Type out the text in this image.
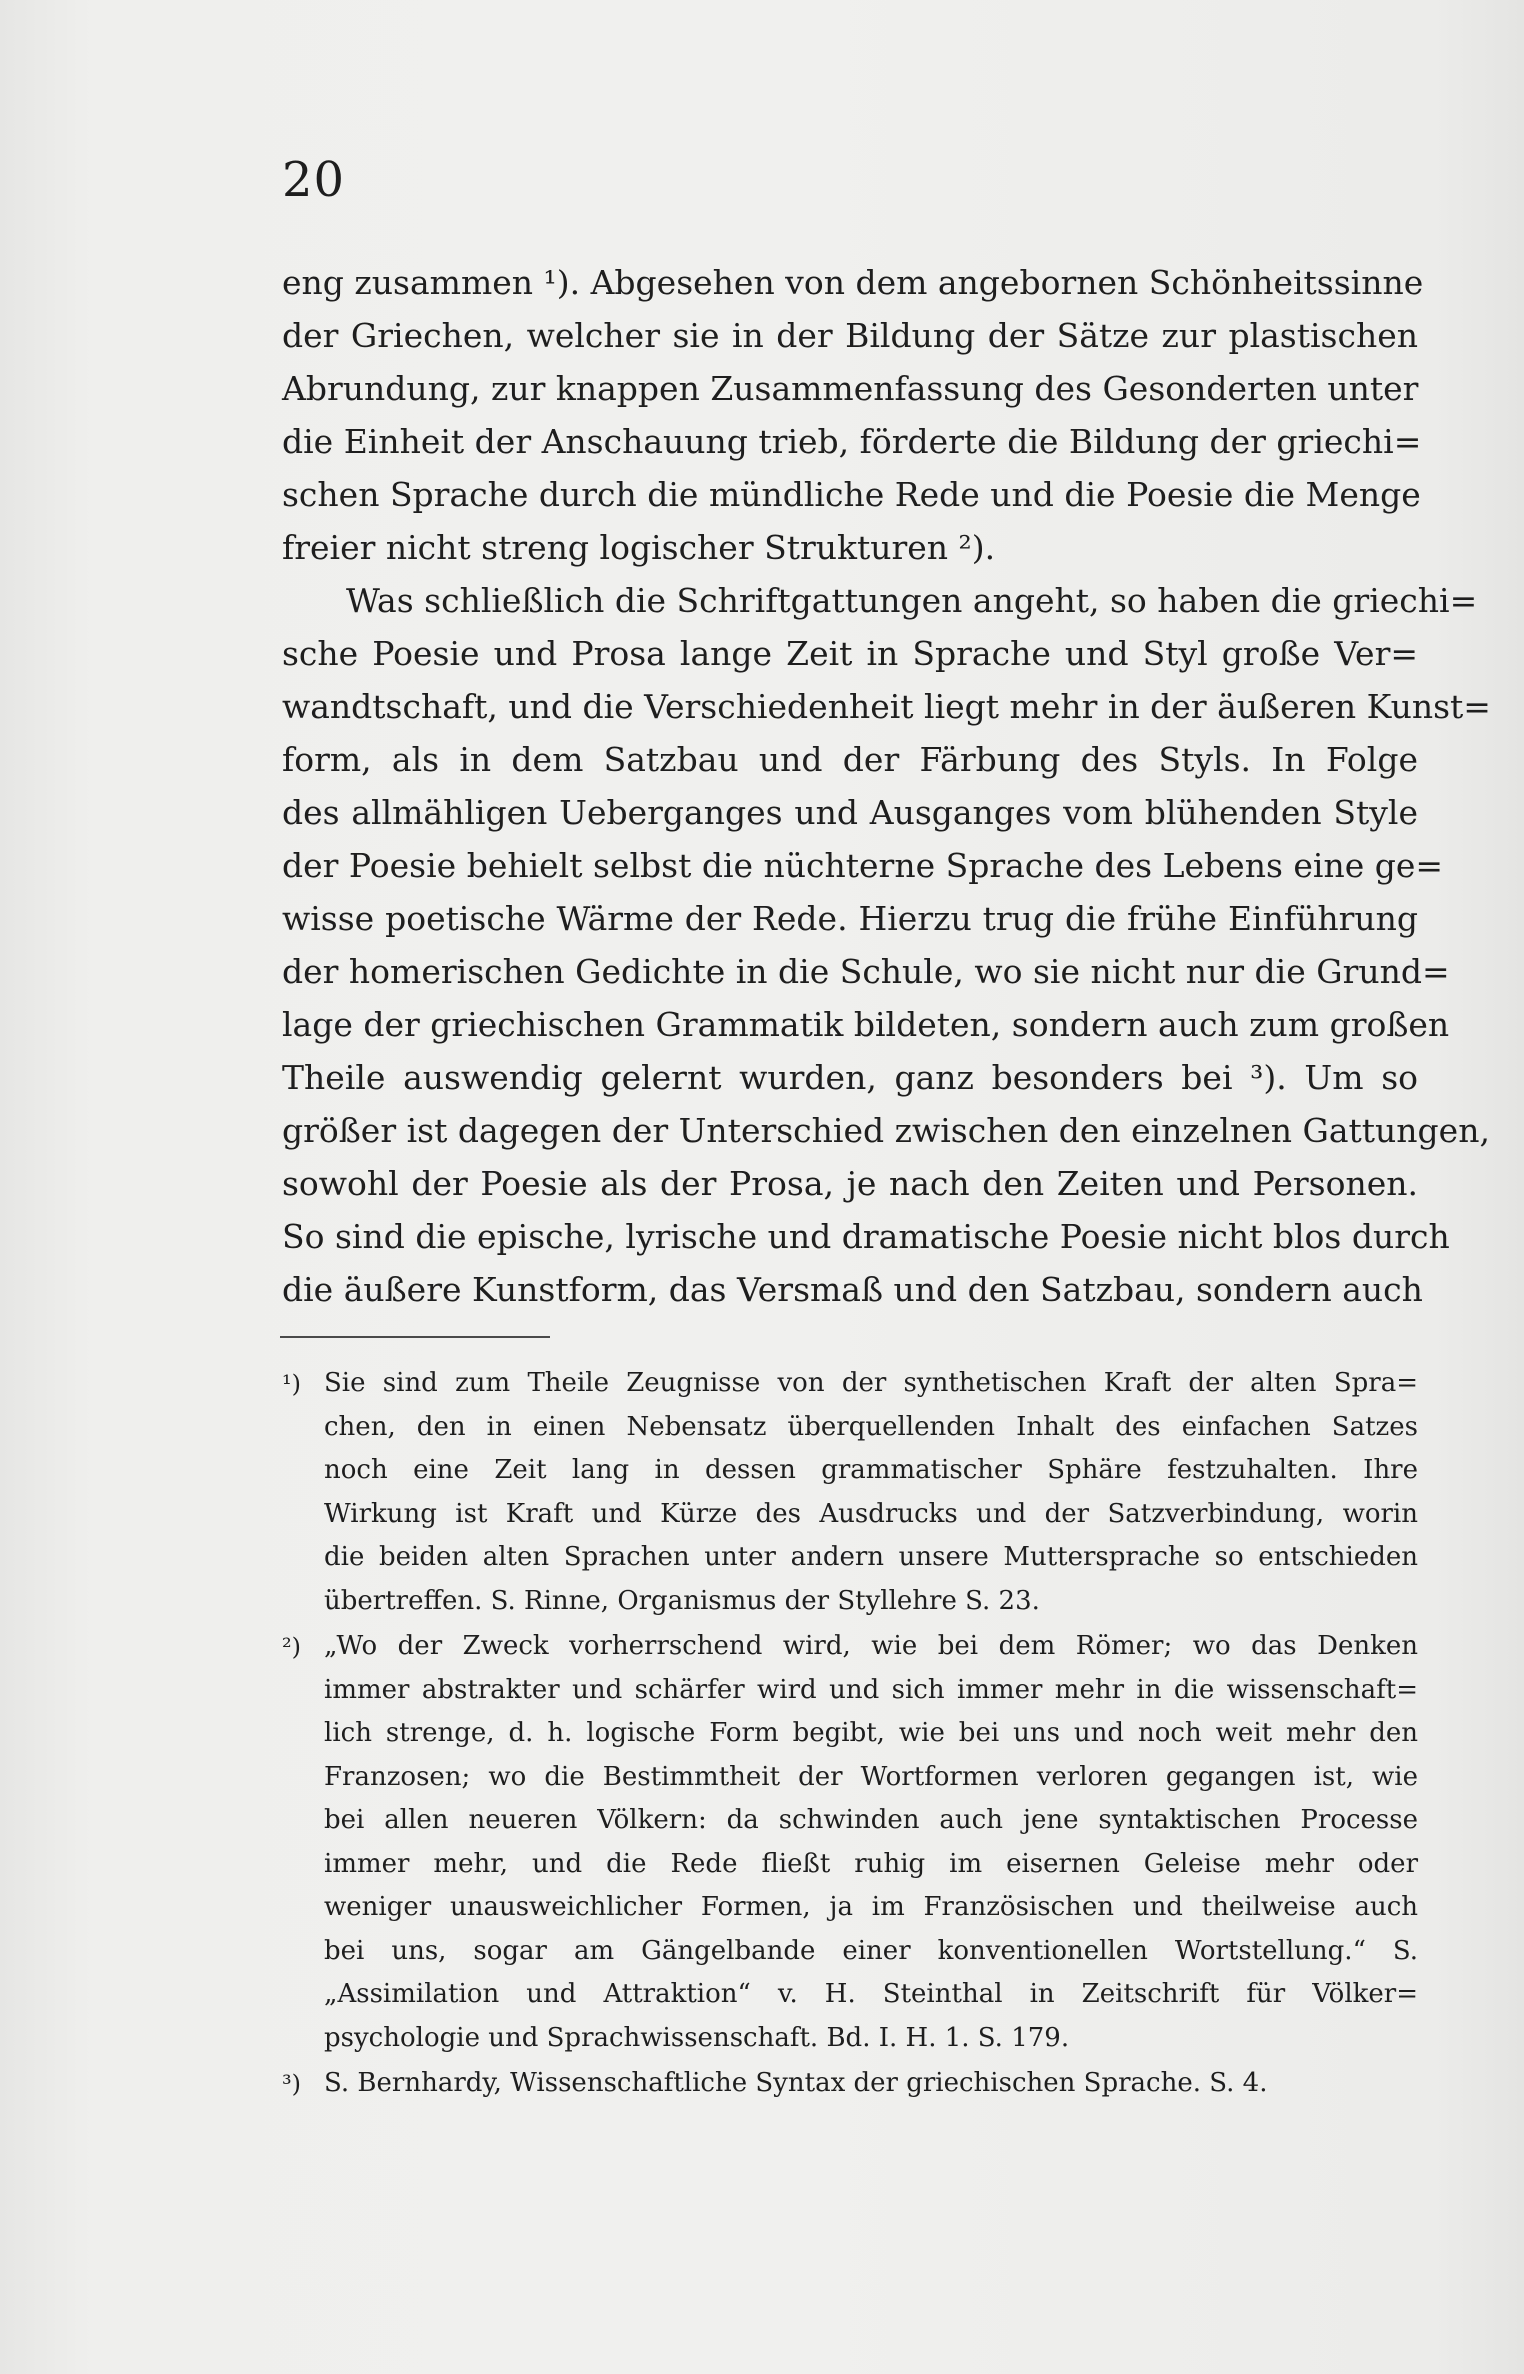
20
eng zusammen ¹). Abgesehen von dem angebornen Schönheitssinne
der Griechen, welcher sie in der Bildung der Sätze zur plastischen
Abrundung, zur knappen Zusammenfassung des Gesonderten unter
die Einheit der Anschauung trieb, förderte die Bildung der griechi=
schen Sprache durch die mündliche Rede und die Poesie die Menge
freier nicht streng logischer Strukturen ²).
Was schließlich die Schriftgattungen angeht, so haben die griechi=
sche Poesie und Prosa lange Zeit in Sprache und Styl große Ver=
wandtschaft, und die Verschiedenheit liegt mehr in der äußeren Kunst=
form, als in dem Satzbau und der Färbung des Styls. In Folge
des allmähligen Ueberganges und Ausganges vom blühenden Style
der Poesie behielt selbst die nüchterne Sprache des Lebens eine ge=
wisse poetische Wärme der Rede. Hierzu trug die frühe Einführung
der homerischen Gedichte in die Schule, wo sie nicht nur die Grund=
lage der griechischen Grammatik bildeten, sondern auch zum großen
Theile auswendig gelernt wurden, ganz besonders bei ³). Um so
größer ist dagegen der Unterschied zwischen den einzelnen Gattungen,
sowohl der Poesie als der Prosa, je nach den Zeiten und Personen.
So sind die epische, lyrische und dramatische Poesie nicht blos durch
die äußere Kunstform, das Versmaß und den Satzbau, sondern auch
¹) Sie sind zum Theile Zeugnisse von der synthetischen Kraft der alten Spra=
chen, den in einen Nebensatz überquellenden Inhalt des einfachen Satzes
noch eine Zeit lang in dessen grammatischer Sphäre festzuhalten. Ihre
Wirkung ist Kraft und Kürze des Ausdrucks und der Satzverbindung, worin
die beiden alten Sprachen unter andern unsere Muttersprache so entschieden
übertreffen. S. Rinne, Organismus der Styllehre S. 23.
²) „Wo der Zweck vorherrschend wird, wie bei dem Römer; wo das Denken
immer abstrakter und schärfer wird und sich immer mehr in die wissenschaft=
lich strenge, d. h. logische Form begibt, wie bei uns und noch weit mehr den
Franzosen; wo die Bestimmtheit der Wortformen verloren gegangen ist, wie
bei allen neueren Völkern: da schwinden auch jene syntaktischen Processe
immer mehr, und die Rede fließt ruhig im eisernen Geleise mehr oder
weniger unausweichlicher Formen, ja im Französischen und theilweise auch
bei uns, sogar am Gängelbande einer konventionellen Wortstellung.“ S.
„Assimilation und Attraktion“ v. H. Steinthal in Zeitschrift für Völker=
psychologie und Sprachwissenschaft. Bd. I. H. 1. S. 179.
³) S. Bernhardy, Wissenschaftliche Syntax der griechischen Sprache. S. 4.
